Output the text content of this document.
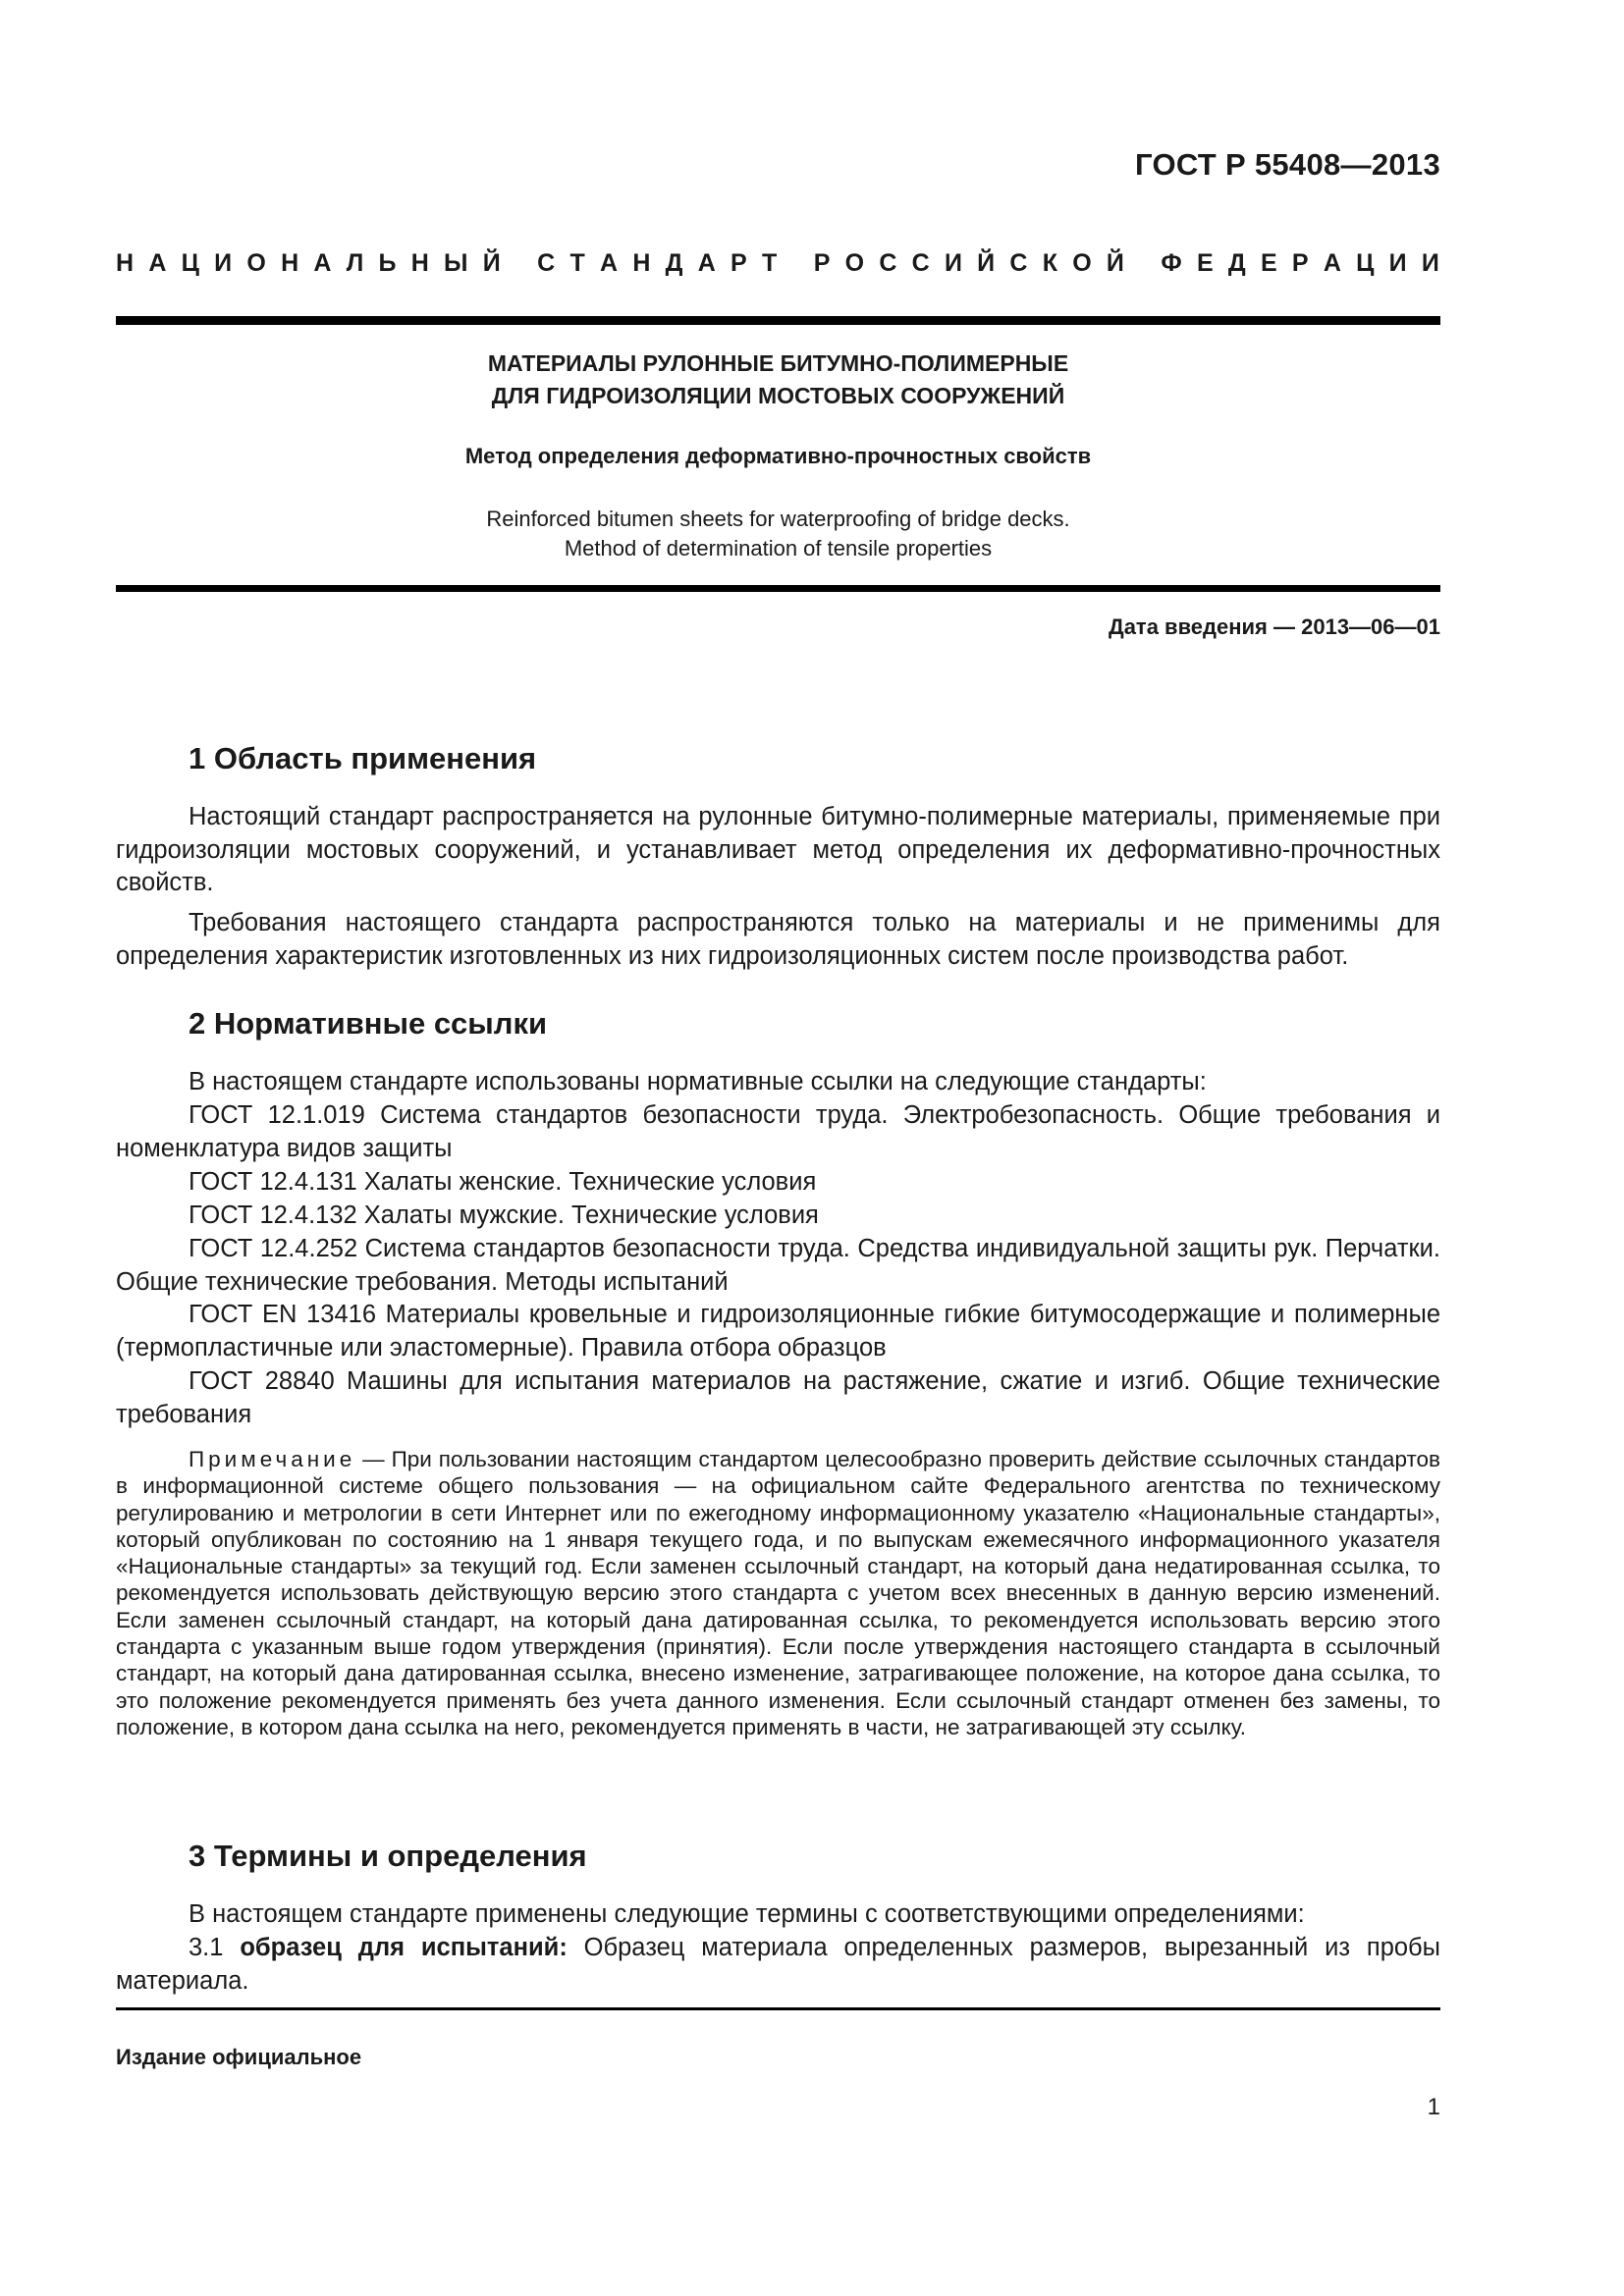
ГОСТ Р 55408—2013
Н А Ц И О Н А Л Ь Н Ы Й
С Т А Н Д А Р Т
Р О С С И Й С К О Й
Ф Е Д Е Р А Ц И И
МАТЕРИАЛЫ РУЛОННЫЕ БИТУМНО-ПОЛИМЕРНЫЕ
ДЛЯ ГИДРОИЗОЛЯЦИИ МОСТОВЫХ СООРУЖЕНИЙ
Метод определения деформативно-прочностных свойств
Reinforced bitumen sheets for waterproofing of bridge decks.
Method of determination of tensile properties
Дата введения — 2013—06—01
1 Область применения
Настоящий стандарт распространяется на рулонные битумно-полимерные материалы, применяемые при гидроизоляции мостовых сооружений, и устанавливает метод определения их деформативно-прочностных свойств.
Требования настоящего стандарта распространяются только на материалы и не применимы для определения характеристик изготовленных из них гидроизоляционных систем после производства работ.
2 Нормативные ссылки
В настоящем стандарте использованы нормативные ссылки на следующие стандарты:
ГОСТ 12.1.019 Система стандартов безопасности труда. Электробезопасность. Общие требования и номенклатура видов защиты
ГОСТ 12.4.131 Халаты женские. Технические условия
ГОСТ 12.4.132 Халаты мужские. Технические условия
ГОСТ 12.4.252 Система стандартов безопасности труда. Средства индивидуальной защиты рук. Перчатки. Общие технические требования. Методы испытаний
ГОСТ EN 13416 Материалы кровельные и гидроизоляционные гибкие битумосодержащие и полимерные (термопластичные или эластомерные). Правила отбора образцов
ГОСТ 28840 Машины для испытания материалов на растяжение, сжатие и изгиб. Общие технические требования
Примечание — При пользовании настоящим стандартом целесообразно проверить действие ссылочных стандартов в информационной системе общего пользования — на официальном сайте Федерального агентства по техническому регулированию и метрологии в сети Интернет или по ежегодному информационному указателю «Национальные стандарты», который опубликован по состоянию на 1 января текущего года, и по выпускам ежемесячного информационного указателя «Национальные стандарты» за текущий год. Если заменен ссылочный стандарт, на который дана недатированная ссылка, то рекомендуется использовать действующую версию этого стандарта с учетом всех внесенных в данную версию изменений. Если заменен ссылочный стандарт, на который дана датированная ссылка, то рекомендуется использовать версию этого стандарта с указанным выше годом утверждения (принятия). Если после утверждения настоящего стандарта в ссылочный стандарт, на который дана датированная ссылка, внесено изменение, затрагивающее положение, на которое дана ссылка, то это положение рекомендуется применять без учета данного изменения. Если ссылочный стандарт отменен без замены, то положение, в котором дана ссылка на него, рекомендуется применять в части, не затрагивающей эту ссылку.
3 Термины и определения
В настоящем стандарте применены следующие термины с соответствующими определениями:
3.1 образец для испытаний: Образец материала определенных размеров, вырезанный из пробы материала.
Издание официальное
1
